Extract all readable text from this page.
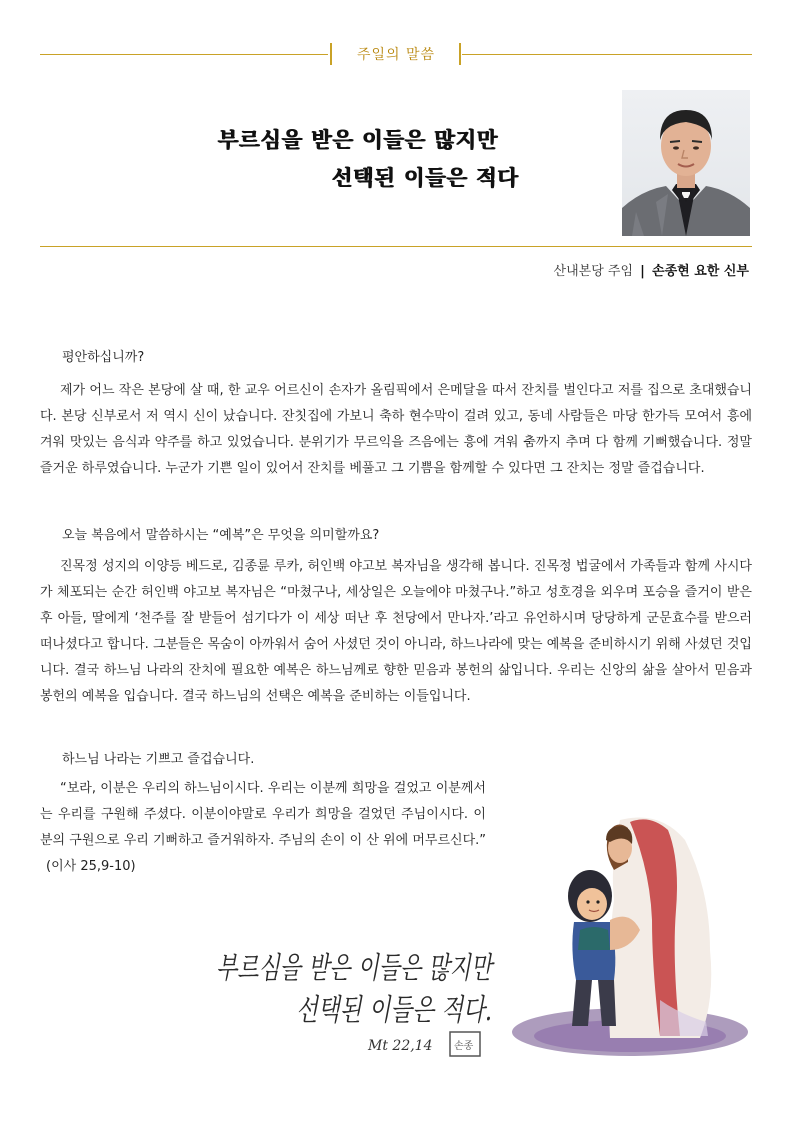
주일의 말씀
부르심을 받은 이들은 많지만
선택된 이들은 적다
산내본당 주임 | 손종현 요한 신부
평안하십니까?

제가 어느 작은 본당에 살 때, 한 교우 어르신이 손자가 올림픽에서 은메달을 따서 잔치를 벌인다고 저를 집으로 초대했습니다. 본당 신부로서 저 역시 신이 났습니다. 잔칫집에 가보니 축하 현수막이 걸려 있고, 동네 사람들은 마당 한가득 모여서 흥에 겨워 맛있는 음식과 약주를 하고 있었습니다. 분위기가 무르익을 즈음에는 흥에 겨워 춤까지 추며 다 함께 기뻐했습니다. 정말 즐거운 하루였습니다. 누군가 기쁜 일이 있어서 잔치를 베풀고 그 기쁨을 함께할 수 있다면 그 잔치는 정말 즐겁습니다.

오늘 복음에서 말씀하시는 “예복”은 무엇을 의미할까요?

진목정 성지의 이양등 베드로, 김종륜 루카, 허인백 야고보 복자님을 생각해 봅니다. 진목정 법굴에서 가족들과 함께 사시다가 체포되는 순간 허인백 야고보 복자님은 “마쳤구나, 세상일은 오늘에야 마쳤구나.”하고 성호경을 외우며 포승을 즐거이 받은 후 아들, 딸에게 ‘천주를 잘 받들어 섬기다가 이 세상 떠난 후 천당에서 만나자.’라고 유언하시며 당당하게 군문효수를 받으러 떠나셨다고 합니다. 그분들은 목숨이 아까워서 숨어 사셨던 것이 아니라, 하느나라에 맞는 예복을 준비하시기 위해 사셨던 것입니다. 결국 하느님 나라의 잔치에 필요한 예복은 하느님께로 향한 믿음과 봉헌의 삶입니다. 우리는 신앙의 삶을 살아서 믿음과 봉헌의 예복을 입습니다. 결국 하느님의 선택은 예복을 준비하는 이들입니다.

하느님 나라는 기쁘고 즐겁습니다.
“보라, 이분은 우리의 하느님이시다. 우리는 이분께 희망을 걸었고 이분께서는 우리를 구원해 주셨다. 이분이야말로 우리가 희망을 걸었던 주님이시다. 이분의 구원으로 우리 기뻐하고 즐거워하자. 주님의 손이 이 산 위에 머무르신다.” (이사 25,9-10)
부르심을 받은 이들은 많지만
선택된 이들은 적다.
Mt 22,14 손종
